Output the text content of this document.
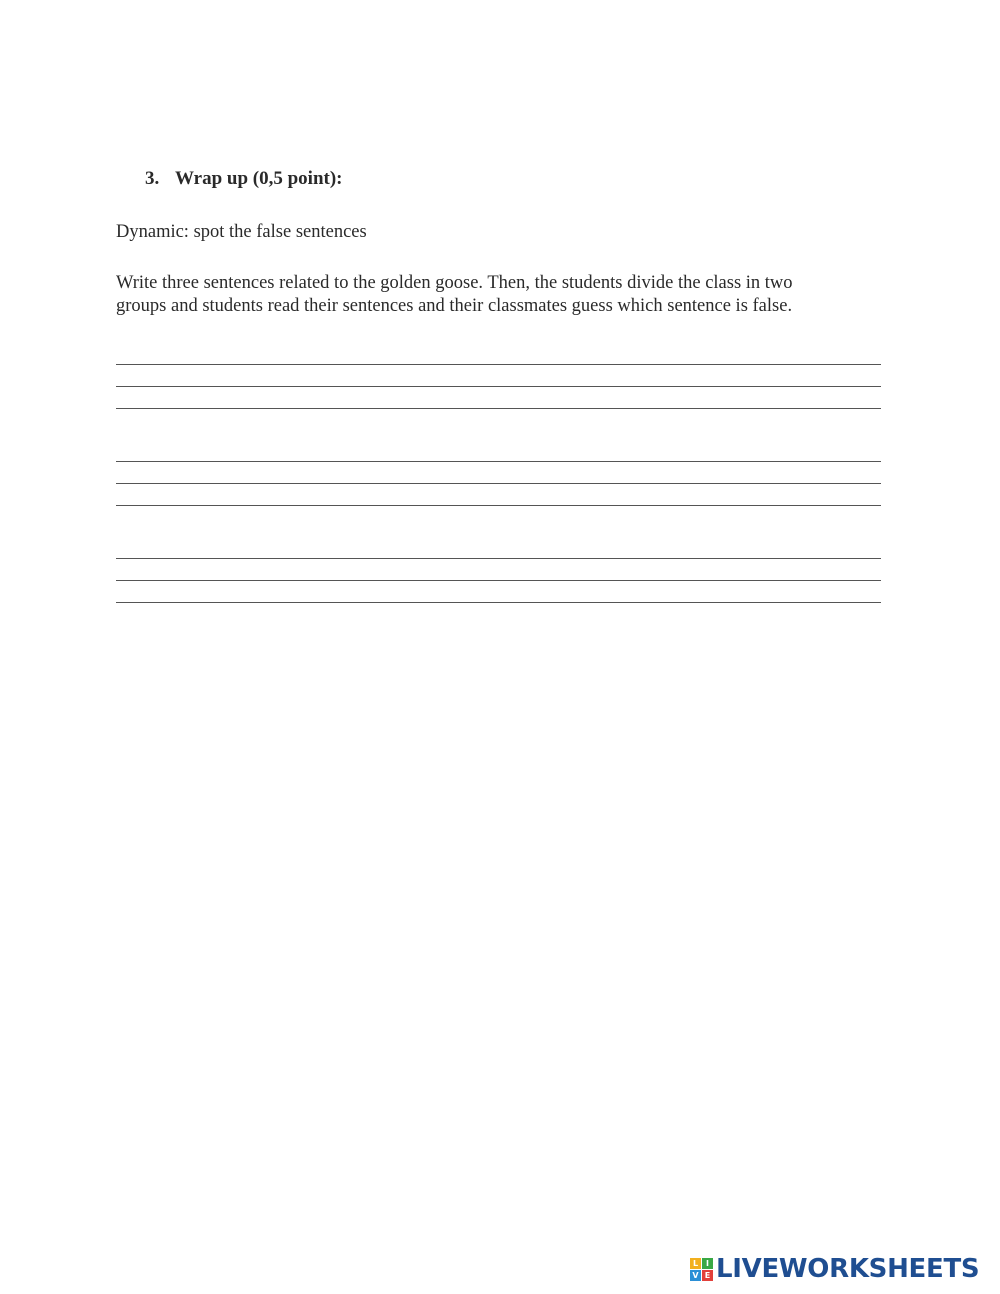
3. Wrap up (0,5 point):
Dynamic: spot the false sentences
Write three sentences related to the golden goose. Then, the students divide the class in two
groups and students read their sentences and their classmates guess which sentence is false.
L I
V E LIVEWORKSHEETS
